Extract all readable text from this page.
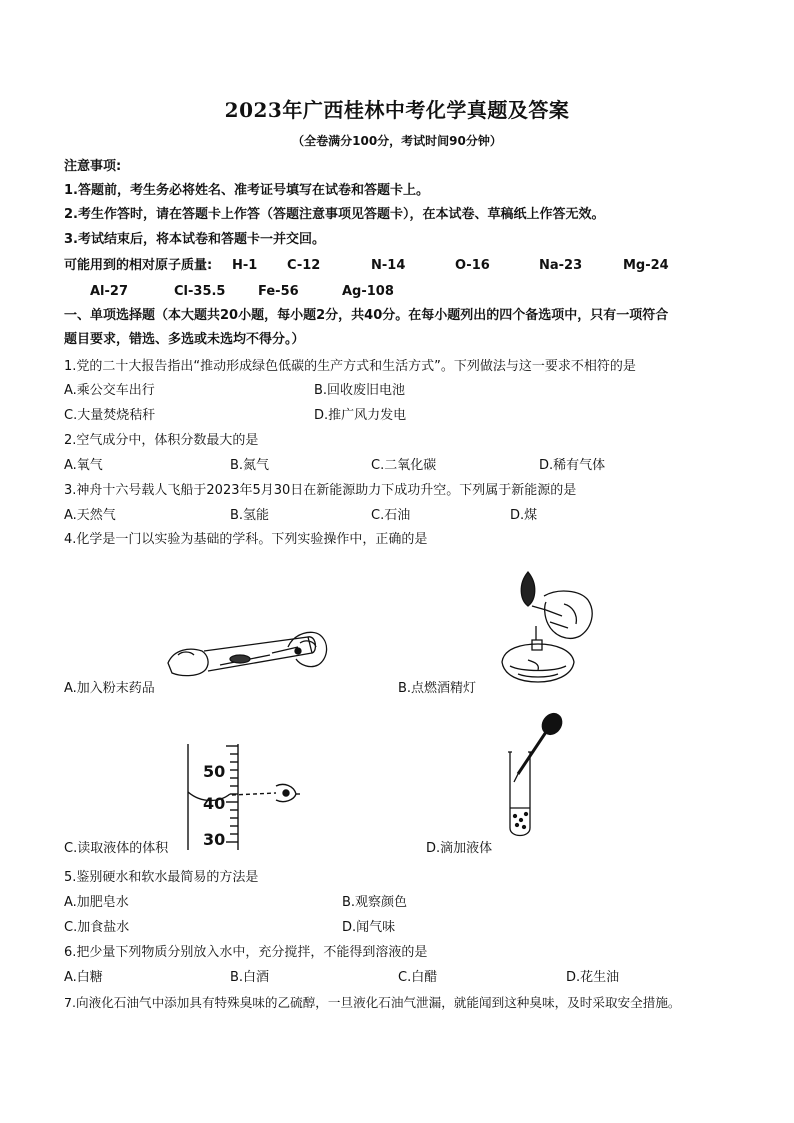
2023年广西桂林中考化学真题及答案
（全卷满分100分，考试时间90分钟）
注意事项:
1.答题前，考生务必将姓名、准考证号填写在试卷和答题卡上。
2.考生作答时，请在答题卡上作答（答题注意事项见答题卡），在本试卷、草稿纸上作答无效。
3.考试结束后，将本试卷和答题卡一并交回。
可能用到的相对原子质量: H-1 C-12	N-14	O-16	Na-23	Mg-24
Al-27	Cl-35.5	Fe-56	Ag-108
一、单项选择题（本大题共20小题，每小题2分，共40分。在每小题列出的四个备选项中，只有一项符合
题目要求，错选、多选或未选均不得分。）
1.党的二十大报告指出“推动形成绿色低碳的生产方式和生活方式”。下列做法与这一要求不相符的是
A.乘公交车出行	B.回收废旧电池
C.大量焚烧秸秆	D.推广风力发电
2.空气成分中，体积分数最大的是
A.氧气	B.氮气	C.二氧化碳	D.稀有气体
3.神舟十六号载人飞船于2023年5月30日在新能源助力下成功升空。下列属于新能源的是
A.天然气	B.氢能	C.石油	D.煤
4.化学是一门以实验为基础的学科。下列实验操作中，正确的是
A.加入粉末药品	B.点燃酒精灯
50
40
30
C.读取液体的体积	D.滴加液体
5.鉴别硬水和软水最简易的方法是
A.加肥皂水	B.观察颜色
C.加食盐水	D.闻气味
6.把少量下列物质分别放入水中，充分搅拌，不能得到溶液的是
A.白糖	B.白酒	C.白醋	D.花生油
7.向液化石油气中添加具有特殊臭味的乙硫醇，一旦液化石油气泄漏，就能闻到这种臭味，及时采取安全措施。
